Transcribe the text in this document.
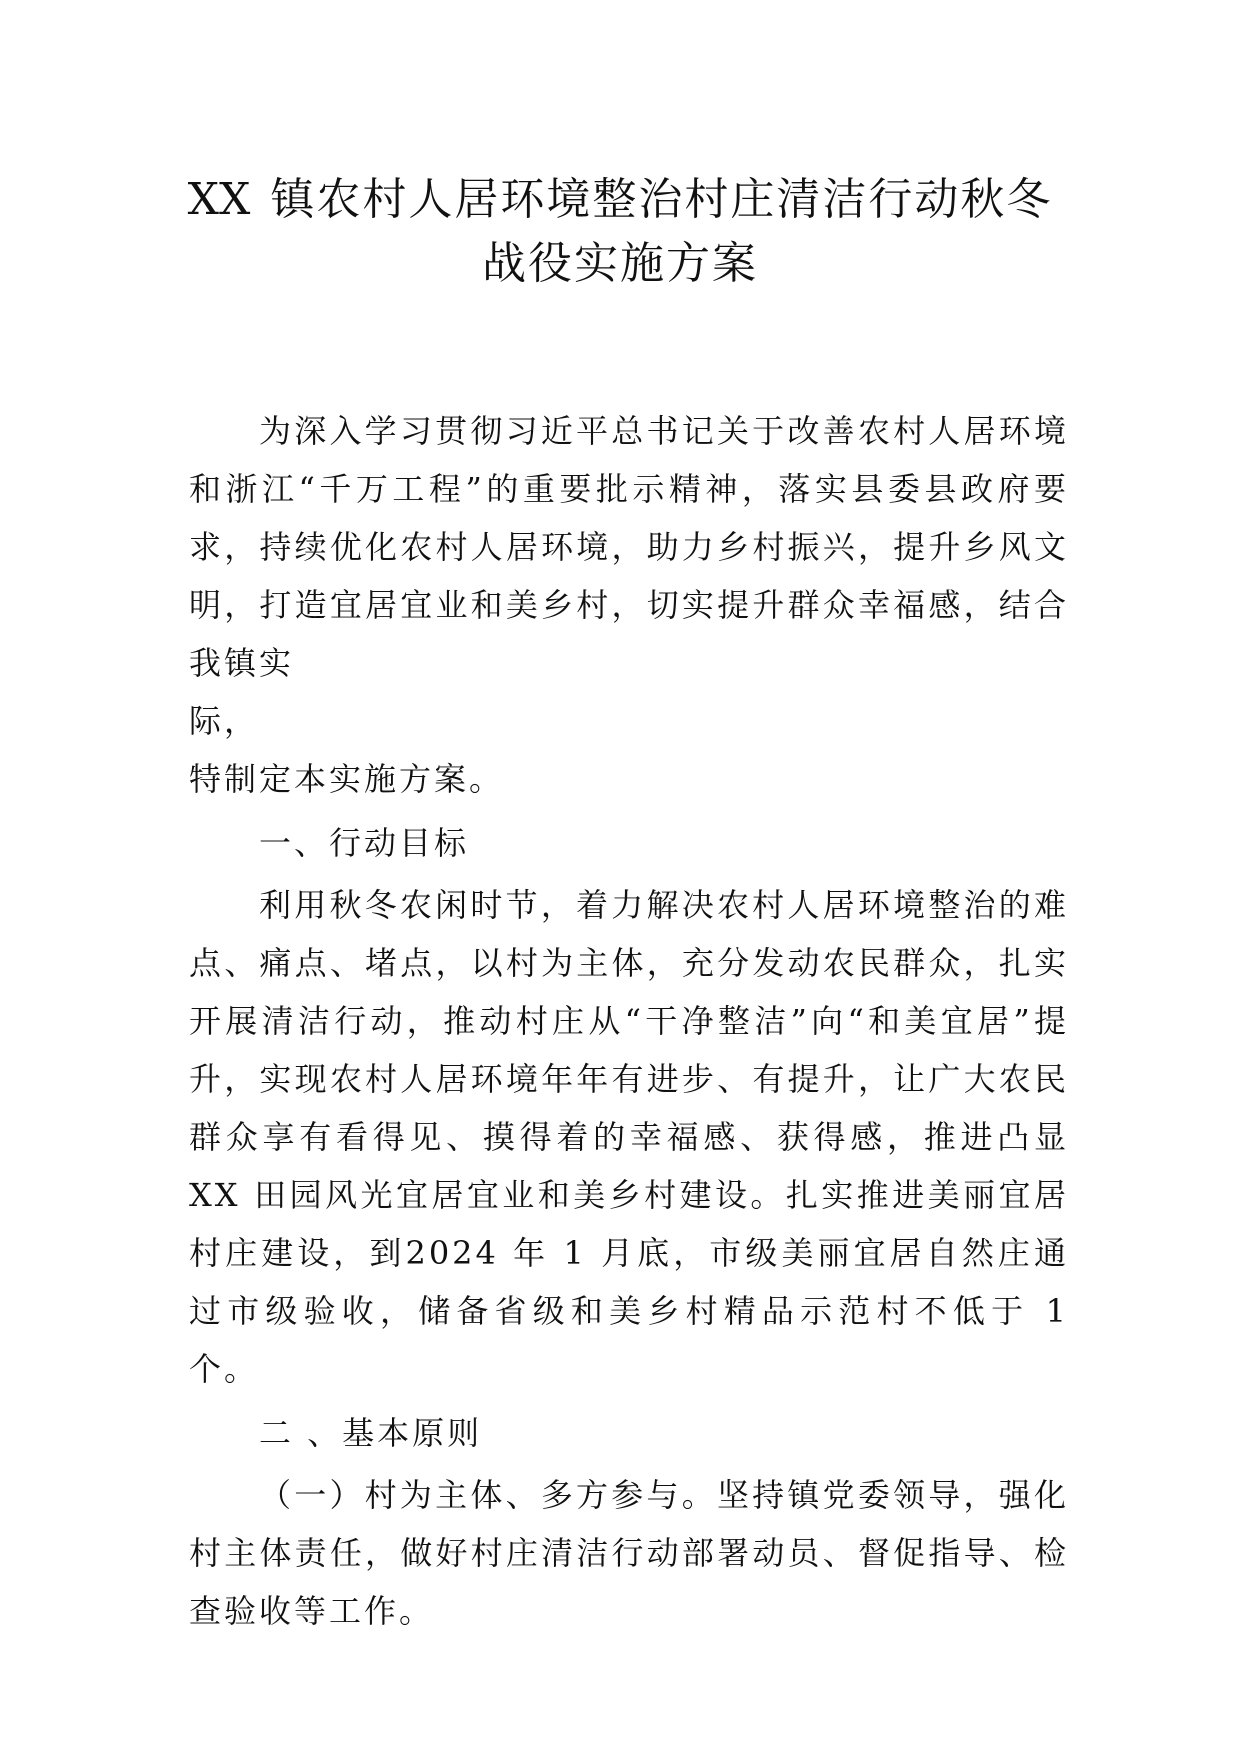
XX 镇农村人居环境整治村庄清洁行动秋冬
战役实施方案

为深入学习贯彻习近平总书记关于改善农村人居环境和浙江“千万工程”的重要批示精神，落实县委县政府要求，持续优化农村人居环境，助力乡村振兴，提升乡风文明，打造宜居宜业和美乡村，切实提升群众幸福感，结合我镇实

际，

特制定本实施方案。

一、行动目标

利用秋冬农闲时节，着力解决农村人居环境整治的难点、痛点、堵点，以村为主体，充分发动农民群众，扎实开展清洁行动，推动村庄从“干净整洁”向“和美宜居”提升，实现农村人居环境年年有进步、有提升，让广大农民群众享有看得见、摸得着的幸福感、获得感，推进凸显 XX 田园风光宜居宜业和美乡村建设。扎实推进美丽宜居村庄建设，到2024 年 1 月底，市级美丽宜居自然庄通过市级验收，储备省级和美乡村精品示范村不低于 1 个。

二 、基本原则

（一）村为主体、多方参与。坚持镇党委领导，强化村主体责任，做好村庄清洁行动部署动员、督促指导、检查验收等工作。
